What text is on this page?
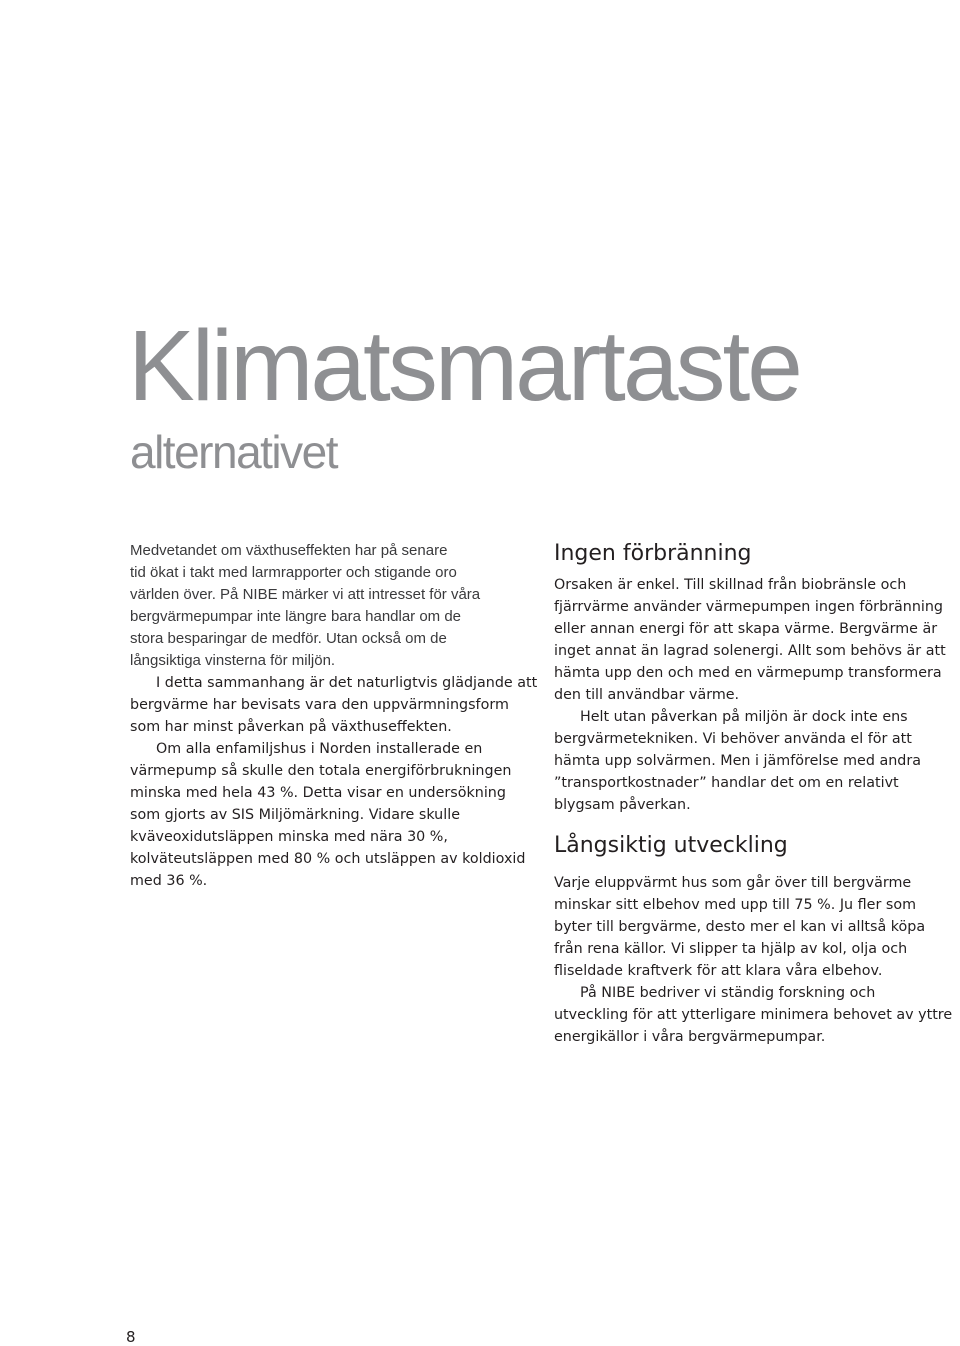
Klimatsmartaste
alternativet

Medvetandet om växthuseffekten har på senare
tid ökat i takt med larmrapporter och stigande oro
världen över. På NIBE märker vi att intresset för våra
bergvärmepumpar inte längre bara handlar om de
stora besparingar de medför. Utan också om de
långsiktiga vinsterna för miljön.

I detta sammanhang är det naturligtvis glädjande att bergvärme har bevisats vara den uppvärmningsform som har minst påverkan på växthuseffekten.

Om alla enfamiljshus i Norden installerade en värmepump så skulle den totala energiförbrukningen minska med hela 43 %. Detta visar en undersökning som gjorts av SIS Miljömärkning. Vidare skulle kväveoxidutsläppen minska med nära 30 %, kolväteutsläppen med 80 % och utsläppen av koldioxid med 36 %.

Ingen förbränning

Orsaken är enkel. Till skillnad från biobränsle och fjärrvärme använder värmepumpen ingen förbränning eller annan energi för att skapa värme. Bergvärme är inget annat än lagrad solenergi. Allt som behövs är att hämta upp den och med en värmepump transformera den till användbar värme.

Helt utan påverkan på miljön är dock inte ens bergvärmetekniken. Vi behöver använda el för att hämta upp solvärmen. Men i jämförelse med andra ”transportkostnader” handlar det om en relativt blygsam påverkan.

Långsiktig utveckling

Varje eluppvärmt hus som går över till bergvärme minskar sitt elbehov med upp till 75 %. Ju fler som byter till bergvärme, desto mer el kan vi alltså köpa från rena källor. Vi slipper ta hjälp av kol, olja och fliseldade kraftverk för att klara våra elbehov.

På NIBE bedriver vi ständig forskning och utveckling för att ytterligare minimera behovet av yttre energikällor i våra bergvärmepumpar.

8
